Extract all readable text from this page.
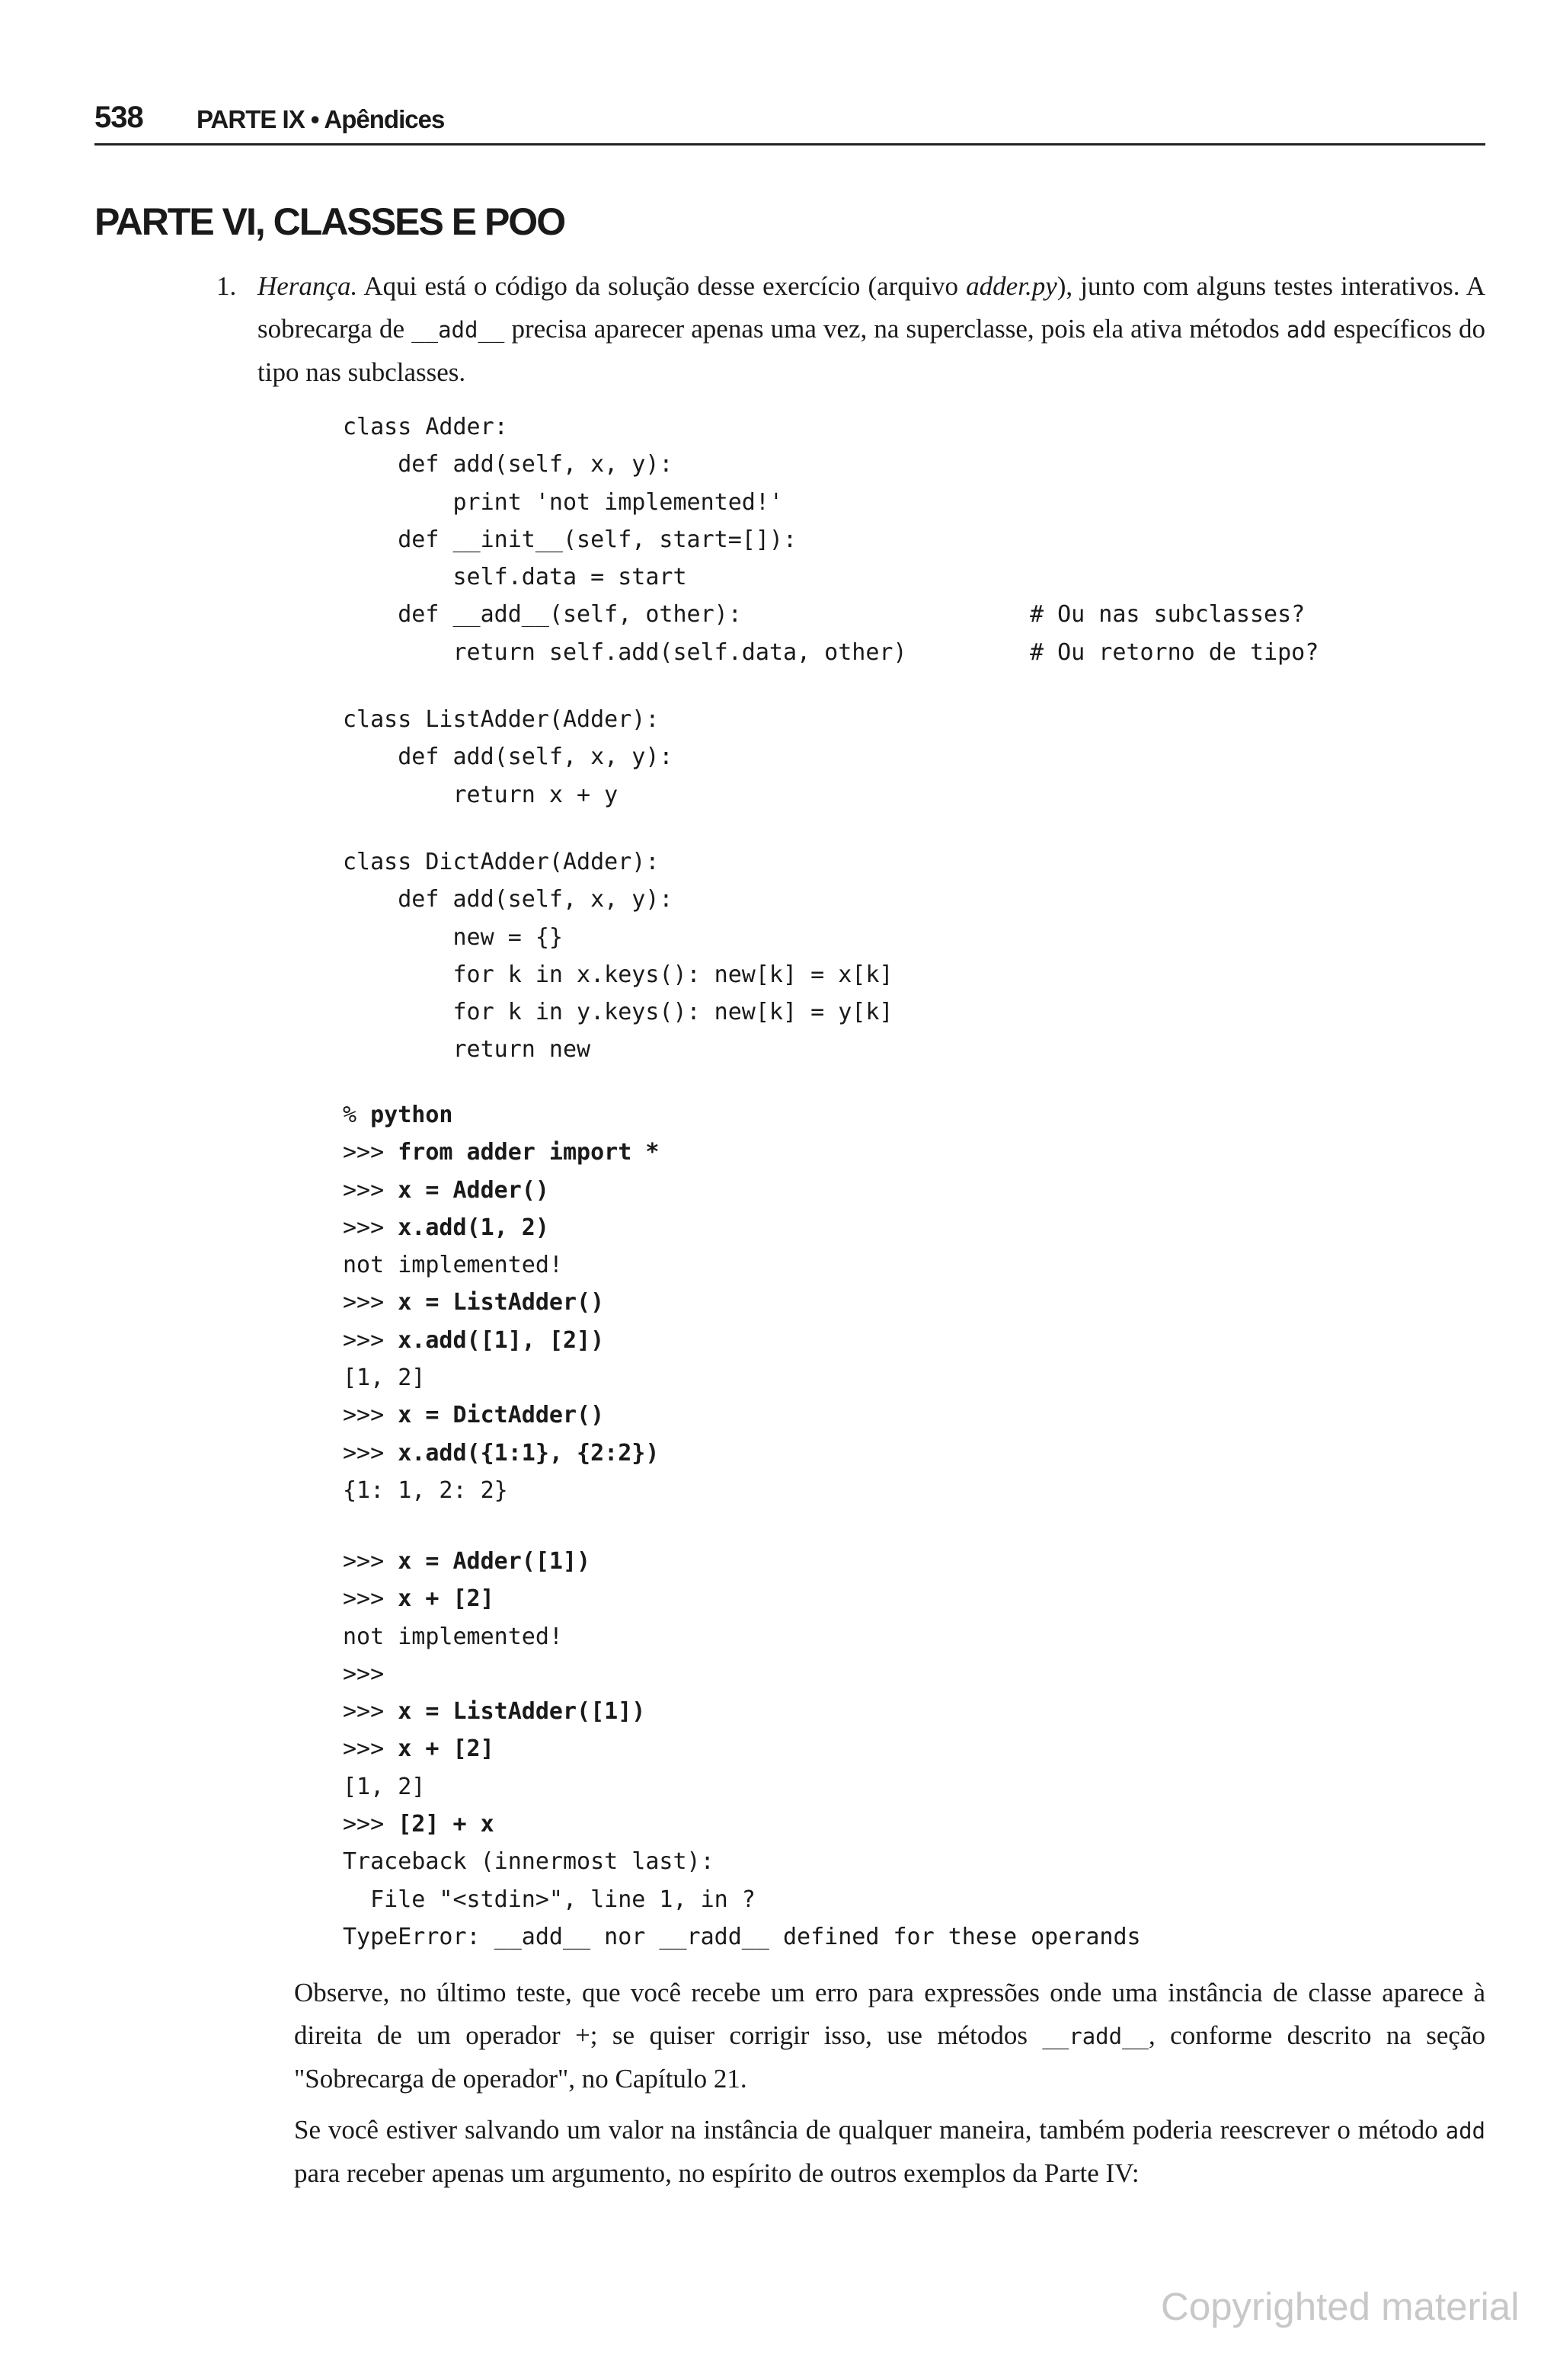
538 PARTE IX • Apêndices
PARTE VI, CLASSES E POO
1. Herança. Aqui está o código da solução desse exercício (arquivo adder.py), junto com alguns testes interativos. A sobrecarga de __add__ precisa aparecer apenas uma vez, na superclasse, pois ela ativa métodos add específicos do tipo nas subclasses.

class Adder:
def add(self, x, y):
print 'not implemented!'
def __init__(self, start=[]):
self.data = start
def __add__(self, other):	# Ou nas subclasses?
return self.add(self.data, other)	# Ou retorno de tipo?
class ListAdder(Adder):
def add(self, x, y):
return x + y
class DictAdder(Adder):
def add(self, x, y):
new = {}
for k in x.keys(): new[k] = x[k]
for k in y.keys(): new[k] = y[k]
return new
% python
>>> from adder import *
>>> x = Adder()
>>> x.add(1, 2)
not implemented!
>>> x = ListAdder()
>>> x.add([1], [2])
[1, 2]
>>> x = DictAdder()
>>> x.add({1:1}, {2:2})
{1: 1, 2: 2}
>>> x = Adder([1])
>>> x + [2]
not implemented!
>>>
>>> x = ListAdder([1])
>>> x + [2]
[1, 2]
>>> [2] + x
Traceback (innermost last):
File "<stdin>", line 1, in ?
TypeError: __add__ nor __radd__ defined for these operands

Observe, no último teste, que você recebe um erro para expressões onde uma instância de classe aparece à direita de um operador +; se quiser corrigir isso, use métodos __radd__, conforme descrito na seção "Sobrecarga de operador", no Capítulo 21.

Se você estiver salvando um valor na instância de qualquer maneira, também poderia reescrever o método add para receber apenas um argumento, no espírito de outros exemplos da Parte IV:

Copyrighted material
